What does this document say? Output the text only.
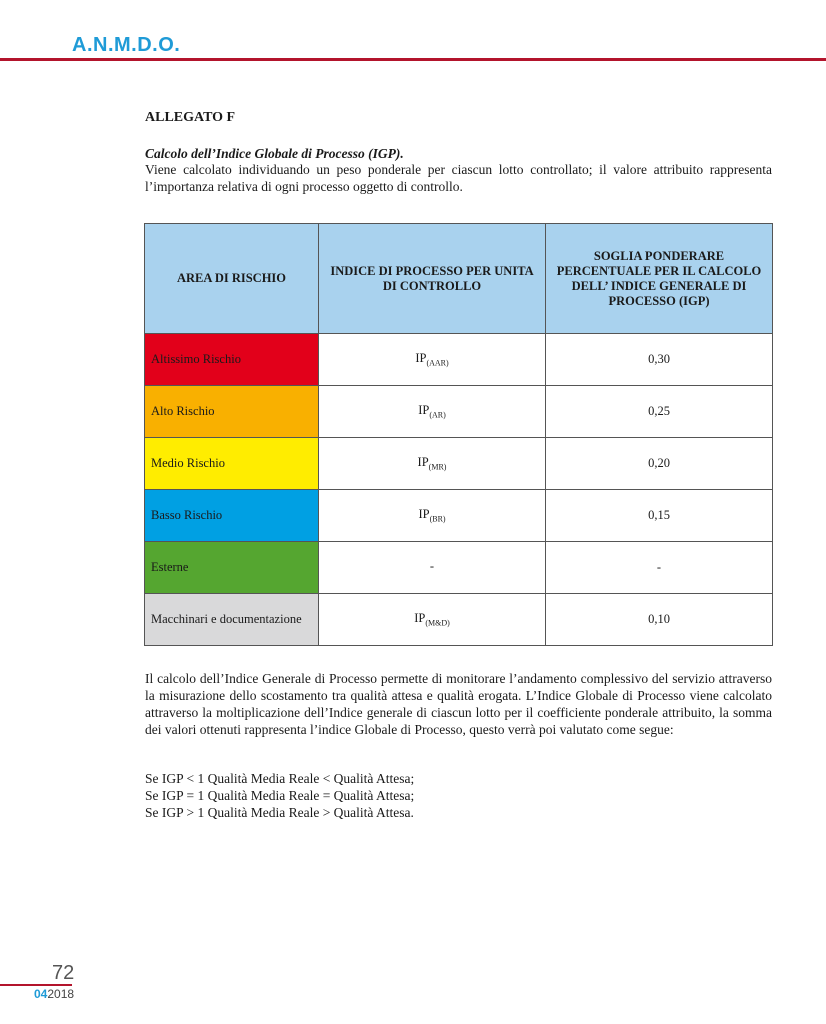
A.N.M.D.O.
ALLEGATO F
Calcolo dell’Indice Globale di Processo (IGP).
Viene calcolato individuando un peso ponderale per ciascun lotto controllato; il valore attribuito rappresenta l’importanza relativa di ogni processo oggetto di controllo.
AREA DI RISCHIO	INDICE DI PROCESSO PER UNITA DI CONTROLLO	SOGLIA PONDERARE PERCENTUALE PER IL CALCOLO DELL’ INDICE GENERALE DI PROCESSO (IGP)
Altissimo Rischio	$IP_{(AAR)}$	0,30
Alto Rischio	$IP_{(AR)}$	0,25
Medio Rischio	$IP_{(MR)}$	0,20
Basso Rischio	$IP_{(BR)}$	0,15
Esterne	-	-
Macchinari e documentazione	$IP_{(M\&D)}$	0,10
Il calcolo dell’Indice Generale di Processo permette di monitorare l’andamento complessivo del servizio attraverso la misurazione dello scostamento tra qualità attesa e qualità erogata. L’Indice Globale di Processo viene calcolato attraverso la moltiplicazione dell’Indice generale di ciascun lotto per il coefficiente ponderale attribuito, la somma dei valori ottenuti rappresenta l’indice Globale di Processo, questo verrà poi valutato come segue:
Se IGP < 1 Qualità Media Reale < Qualità Attesa;
Se IGP = 1 Qualità Media Reale = Qualità Attesa;
Se IGP > 1 Qualità Media Reale > Qualità Attesa.
72
042018
